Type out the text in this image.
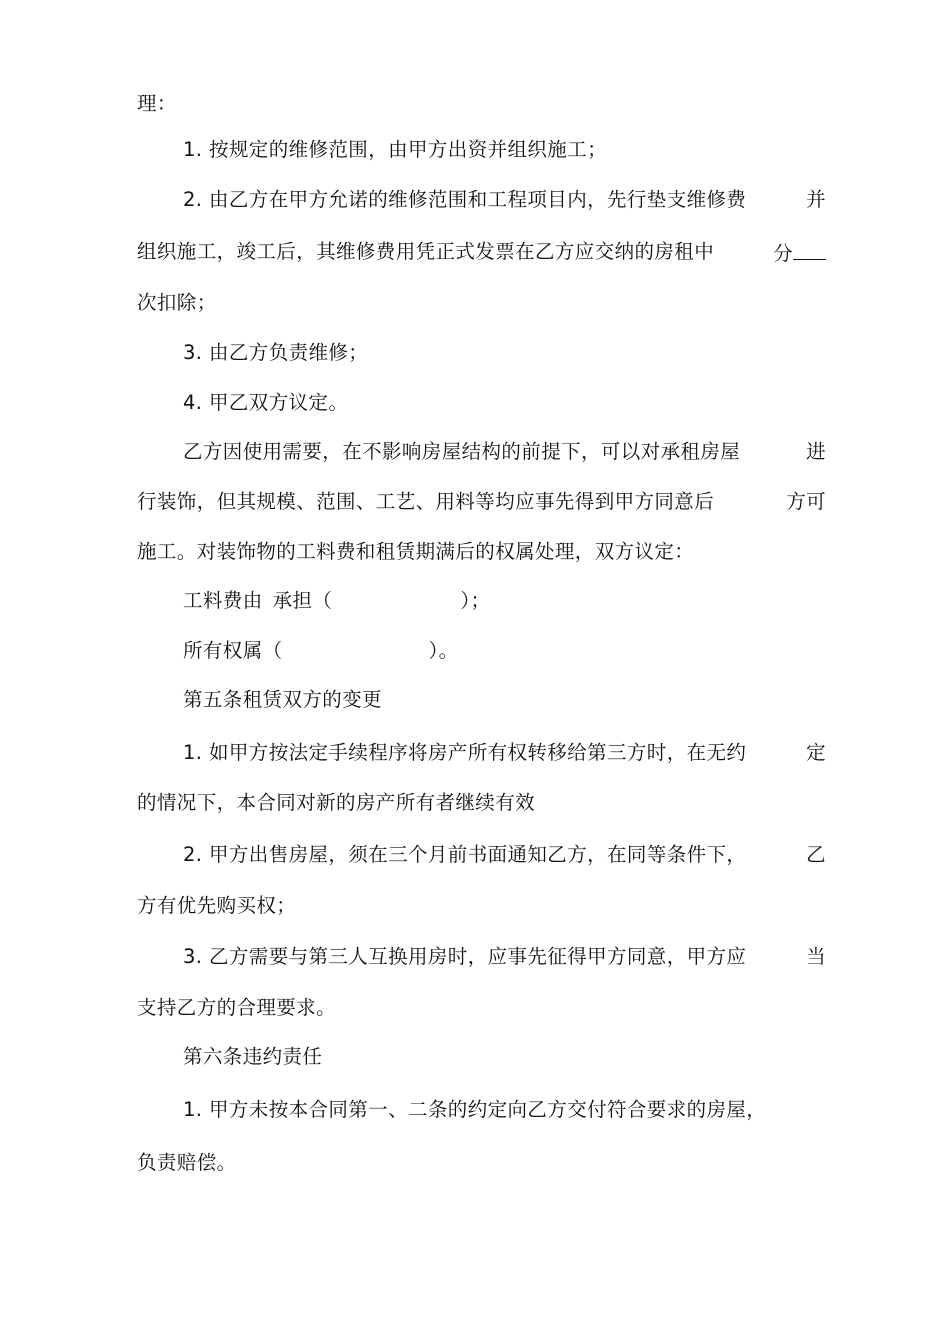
理：
1. 按规定的维修范围，由甲方出资并组织施工；
2. 由乙方在甲方允诺的维修范围和工程项目内，先行垫支维修费	并
组织施工，竣工后，其维修费用凭正式发票在乙方应交纳的房租中	分
次扣除；
3. 由乙方负责维修；
4. 甲乙双方议定。
乙方因使用需要，在不影响房屋结构的前提下，可以对承租房屋	进
行装饰，但其规模、范围、工艺、用料等均应事先得到甲方同意后	方可
施工。对装饰物的工料费和租赁期满后的权属处理，双方议定：
工料费由 承担（	）；
所有权属（	）。
第五条租赁双方的变更
1. 如甲方按法定手续程序将房产所有权转移给第三方时，在无约	定
的情况下，本合同对新的房产所有者继续有效
2. 甲方出售房屋，须在三个月前书面通知乙方，在同等条件下，	乙
方有优先购买权；
3. 乙方需要与第三人互换用房时，应事先征得甲方同意，甲方应	当
支持乙方的合理要求。
第六条违约责任
1. 甲方未按本合同第一、二条的约定向乙方交付符合要求的房屋，
负责赔偿。
